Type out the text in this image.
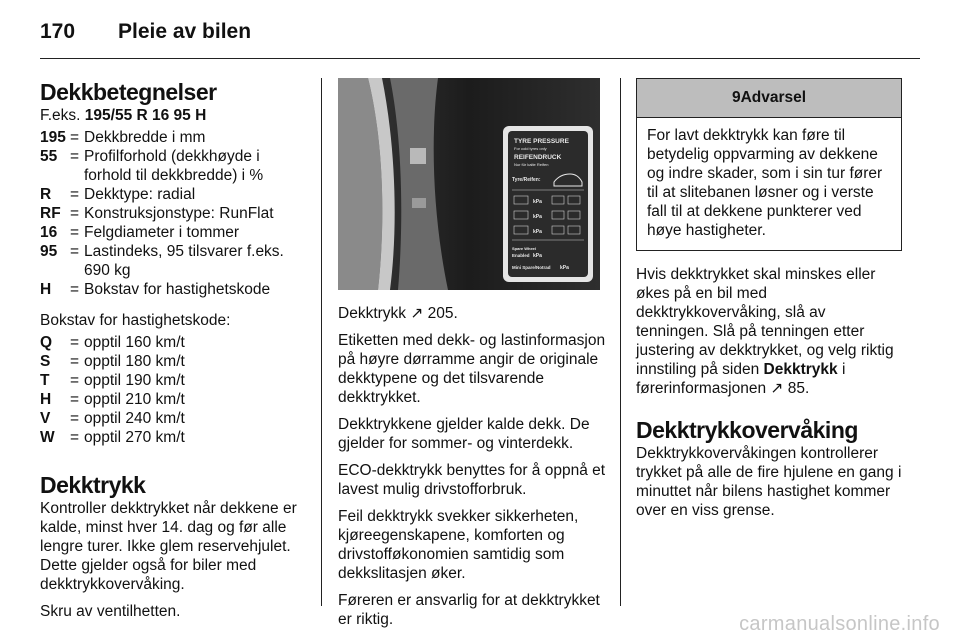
170 Pleie av bilen
Dekkbetegnelser
F.eks. 195/55 R 16 95 H
195	=	Dekkbredde i mm
55	=	Profilforhold (dekkhøyde i forhold til dekkbredde) i %
R	=	Dekktype: radial
RF	=	Konstruksjonstype: RunFlat
16	=	Felgdiameter i tommer
95	=	Lastindeks, 95 tilsvarer f.eks. 690 kg
H	=	Bokstav for hastighetskode

Bokstav for hastighetskode:

Q	=	opptil 160 km/t
S	=	opptil 180 km/t
T	=	opptil 190 km/t
H	=	opptil 210 km/t
V	=	opptil 240 km/t
W	=	opptil 270 km/t
Dekktrykk

Kontroller dekktrykket når dekkene er kalde, minst hver 14. dag og før alle lengre turer. Ikke glem reservehjulet. Dette gjelder også for biler med dekktrykkovervåking.

Skru av ventilhetten.

TYRE PRESSURE
For cold tyres only
REIFENDRUCK
Nur für kalte Reifen
Tyre/Reifen:
kPa
kPa
kPa
Spare Wheel
Enabled kPa
Mini Spare/Notrad kPa

Dekktrykk ↗︎ 205.

Etiketten med dekk- og lastinformasjon på høyre dørramme angir de originale dekktypene og det tilsvarende dekktrykket.

Dekktrykkene gjelder kalde dekk. De gjelder for sommer- og vinterdekk.

ECO-dekktrykk benyttes for å oppnå et lavest mulig drivstofforbruk.

Feil dekktrykk svekker sikkerheten, kjøreegenskapene, komforten og drivstofføkonomien samtidig som dekkslitasjen øker.

Føreren er ansvarlig for at dekktrykket er riktig.

9Advarsel
For lavt dekktrykk kan føre til betydelig oppvarming av dekkene og indre skader, som i sin tur fører til at slitebanen løsner og i verste fall til at dekkene punkterer ved høye hastigheter.

Hvis dekktrykket skal minskes eller økes på en bil med dekktrykkovervåking, slå av tenningen. Slå på tenningen etter justering av dekktrykket, og velg riktig innstiling på siden Dekktrykk i førerinformasjonen ↗︎ 85.

Dekktrykkovervåking

Dekktrykkovervåkingen kontrollerer trykket på alle de fire hjulene en gang i minuttet når bilens hastighet kommer over en viss grense.

carmanualsonline.info
